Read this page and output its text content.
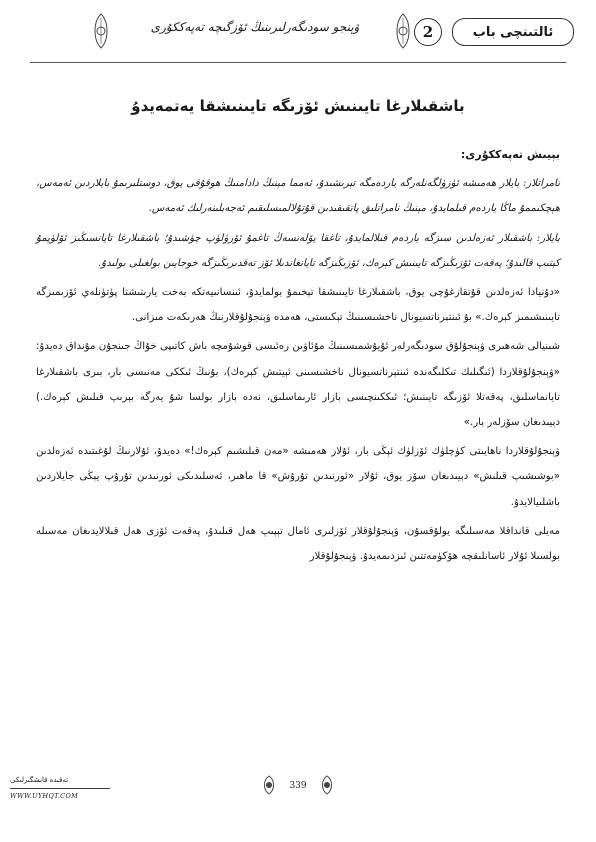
ۋېنجو سودىگەرلىرىنىڭ ئۆزگىچە تەپەككۇرى	2	ئالتىنچى باب
باشقىلارغا تايىنىش ئۆزىگە تايىنىشقا يەتمەيدۇ

بېيىش تەپەككۇرى:

نامراتلار: بايلار ھەمىشە ئۈزۈلگەنلەرگە ياردەمگە تېرىشىدۇ، ئەمما مېنىڭ دادامنىڭ ھوقۇقى يوق، دوستلىرىمۇ بايلاردىن ئەمەس، ھېچكىممۇ ماڭا ياردەم قىلمايدۇ، مېنىڭ نامراتلىق پاتقىقىدىن قۇتۇلالمىسلىقىم ئەجەبلىنەرلىك ئەمەس.

بايلار: باشقىلار ئەزەلدىن سىزگە ياردەم قىلالمايدۇ، تاغقا يۆلەنسەڭ تاغمۇ ئۆرۈلۈپ چۈشىدۇ؛ باشقىلارغا تايانسىڭىز ئۆلۈپمۇ كېتىپ قالىدۇ؛ پەقەت ئۆزىڭىزگە تايىنىش كېرەك، ئۆزىڭىزگە تايانغاندىلا ئۆز تەقدىرىڭىزگە خوجايىن بولغىلى بولىدۇ.

«دۇنيادا ئەزەلدىن قۇتقازغۇچى يوق، باشقىلارغا تايىنىشقا تېخىمۇ بولمايدۇ، ئىنسانىيەتكە بەخت يارىتىشتا پۈتۈنلەي ئۆزىمىزگە تايىنىشىمىز كېرەك.» بۇ ئىنتېرناتسيونال ناخشىسىنىڭ تېكىستى، ھەمدە ۋېنجۇلۇقلارنىڭ ھەرىكەت مىزانى.

شىنيالى شەھىرى ۋېنجۇلۇق سودىگەرلەر ئۇيۇشمىسىنىڭ مۇئاۋىن رەئىسى قوشۇمچە باش كاتىپى خۇاڭ جىنجۇن مۇنداق دەيدۇ: «ۋېنجۇلۇقلاردا (ئىگىلىك تىكلىگەندە ئىنتېرناتسيونال ناخشىسىنى ئېيتىش كېرەك)، بۇنىڭ ئىككى مەنىسى بار، بىرى باشقىلارغا تايانماسلىق، پەقەتلا ئۆزىگە تايىنىش؛ ئىككىنچىسى بازار ئارىماسلىق، نەدە بازار بولسا شۇ يەرگە بېرىپ قىلىش كېرەك.) دېيىدىغان سۆزلەر بار.»

ۋېنجۇلۇقلاردا ناھايىتى كۈچلۈك ئۆزلۈك ئېڭى بار، ئۇلار ھەمىشە «مەن قىلىشىم كېرەك!» دەيدۇ، ئۇلارنىڭ لۇغىتىدە ئەزەلدىن «بوشىشىپ قىلىش» دېيىدىغان سۆز يوق، ئۇلار «ئورنىدىن تۇرۇش» قا ماھىر، ئەسلىدىكى ئورنىدىن تۇرۇپ يېڭى جايلاردىن باشلىيالايدۇ.

مەيلى قانداقلا مەسىلىگە يولۇقسۇن، ۋېنجۇلۇقلار ئۆزلىرى ئامال تېپىپ ھەل قىلىدۇ، پەقەت ئۆزى ھەل قىلالايدىغان مەسىلە بولسىلا ئۇلار ئاسانلىقچە ھۆكۈمەتتىن ئىزدىمەيدۇ. ۋېنجۇلۇقلار

ئەقىدە قانشگىرلىكى
WWW.UYHQT.COM
339
